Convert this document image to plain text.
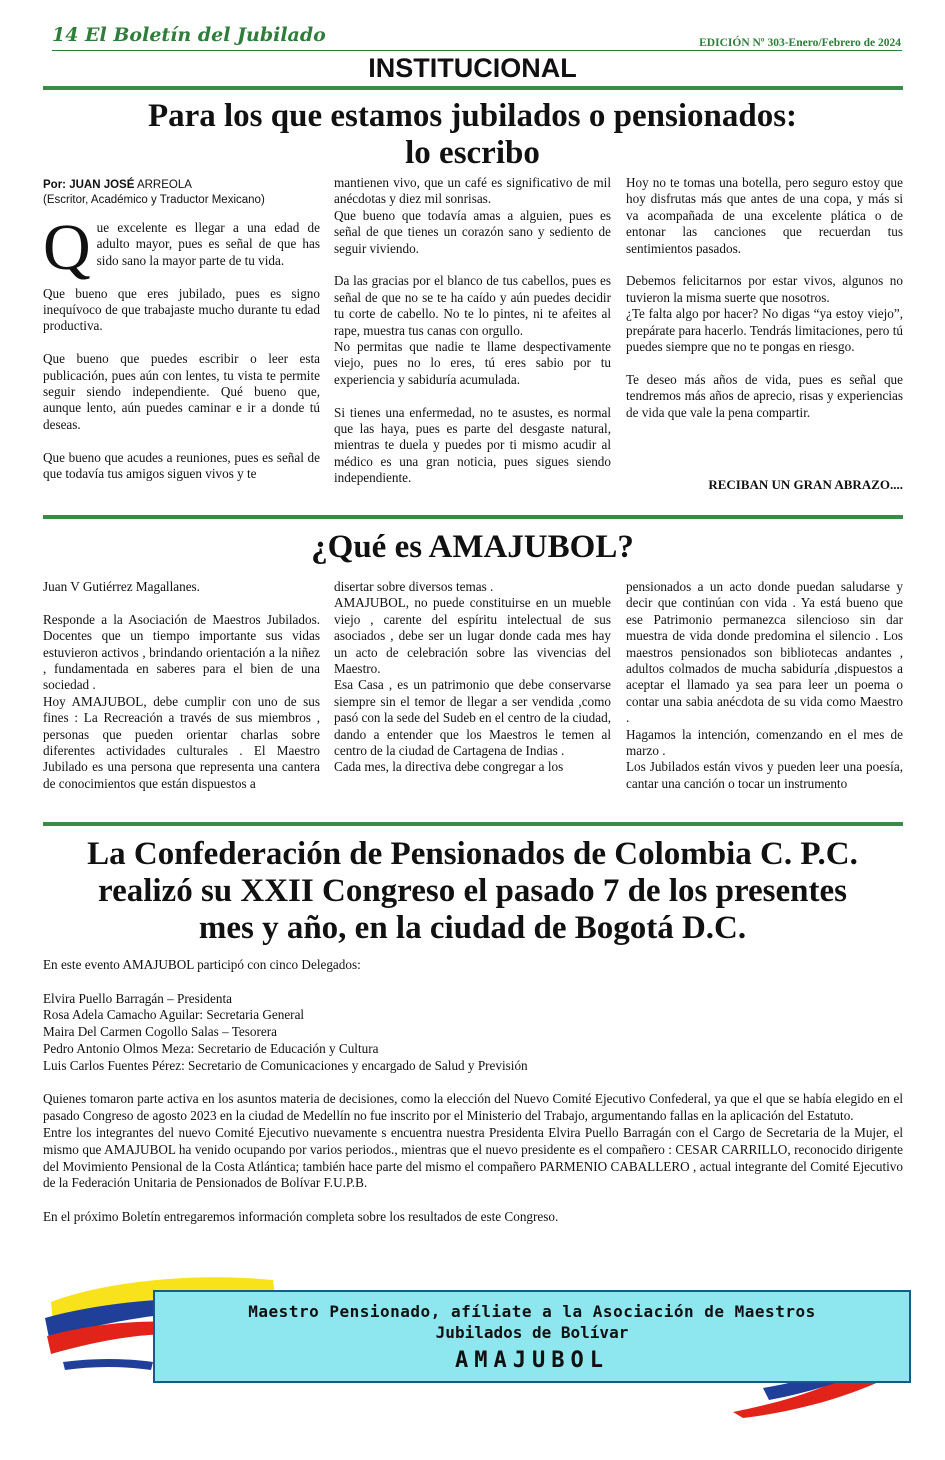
14 El Boletín del Jubilado	EDICIÓN Nº 303-Enero/Febrero de 2024
INSTITUCIONAL
Para los que estamos jubilados o pensionados:
lo escribo
Por: JUAN JOSÉ ARREOLA
(Escritor, Académico y Traductor Mexicano)

Que excelente es llegar a una edad de adulto mayor, pues es señal de que has sido sano la mayor parte de tu vida.

Que bueno que eres jubilado, pues es signo inequívoco de que trabajaste mucho durante tu edad productiva.

Que bueno que puedes escribir o leer esta publicación, pues aún con lentes, tu vista te permite seguir siendo independiente. Qué bueno que, aunque lento, aún puedes caminar e ir a donde tú deseas.

Que bueno que acudes a reuniones, pues es señal de que todavía tus amigos siguen vivos y te

mantienen vivo, que un café es significativo de mil anécdotas y diez mil sonrisas.

Que bueno que todavía amas a alguien, pues es señal de que tienes un corazón sano y sediento de seguir viviendo.

Da las gracias por el blanco de tus cabellos, pues es señal de que no se te ha caído y aún puedes decidir tu corte de cabello. No te lo pintes, ni te afeites al rape, muestra tus canas con orgullo.

No permitas que nadie te llame despectivamente viejo, pues no lo eres, tú eres sabio por tu experiencia y sabiduría acumulada.

Si tienes una enfermedad, no te asustes, es normal que las haya, pues es parte del desgaste natural, mientras te duela y puedes por ti mismo acudir al médico es una gran noticia, pues sigues siendo independiente.

Hoy no te tomas una botella, pero seguro estoy que hoy disfrutas más que antes de una copa, y más si va acompañada de una excelente plática o de entonar las canciones que recuerdan tus sentimientos pasados.

Debemos felicitarnos por estar vivos, algunos no tuvieron la misma suerte que nosotros.

¿Te falta algo por hacer? No digas “ya estoy viejo”, prepárate para hacerlo. Tendrás limitaciones, pero tú puedes siempre que no te pongas en riesgo.

Te deseo más años de vida, pues es señal que tendremos más años de aprecio, risas y experiencias de vida que vale la pena compartir.

RECIBAN UN GRAN ABRAZO....
¿Qué es AMAJUBOL?

Juan V Gutiérrez Magallanes.

Responde a la Asociación de Maestros Jubilados. Docentes que un tiempo importante sus vidas estuvieron activos , brindando orientación a la niñez , fundamentada en saberes para el bien de una sociedad .

Hoy AMAJUBOL, debe cumplir con uno de sus fines : La Recreación a través de sus miembros , personas que pueden orientar charlas sobre diferentes actividades culturales . El Maestro Jubilado es una persona que representa una cantera de conocimientos que están dispuestos a

disertar sobre diversos temas .

AMAJUBOL, no puede constituirse en un mueble viejo , carente del espíritu intelectual de sus asociados , debe ser un lugar donde cada mes hay un acto de celebración sobre las vivencias del Maestro.

Esa Casa , es un patrimonio que debe conservarse siempre sin el temor de llegar a ser vendida ,como pasó con la sede del Sudeb en el centro de la ciudad, dando a entender que los Maestros le temen al centro de la ciudad de Cartagena de Indias .

Cada mes, la directiva debe congregar a los

pensionados a un acto donde puedan saludarse y decir que continúan con vida . Ya está bueno que ese Patrimonio permanezca silencioso sin dar muestra de vida donde predomina el silencio . Los maestros pensionados son bibliotecas andantes , adultos colmados de mucha sabiduría ,dispuestos a aceptar el llamado ya sea para leer un poema o contar una sabia anécdota de su vida como Maestro .

Hagamos la intención, comenzando en el mes de marzo .

Los Jubilados están vivos y pueden leer una poesía, cantar una canción o tocar un instrumento

La Confederación de Pensionados de Colombia C. P.C.
realizó su XXII Congreso el pasado 7 de los presentes
mes y año, en la ciudad de Bogotá D.C.

En este evento AMAJUBOL participó con cinco Delegados:

Elvira Puello Barragán – Presidenta

Rosa Adela Camacho Aguilar: Secretaria General

Maira Del Carmen Cogollo Salas – Tesorera

Pedro Antonio Olmos Meza: Secretario de Educación y Cultura

Luis Carlos Fuentes Pérez: Secretario de Comunicaciones y encargado de Salud y Previsión

Quienes tomaron parte activa en los asuntos materia de decisiones, como la elección del Nuevo Comité Ejecutivo Confederal, ya que el que se había elegido en el pasado Congreso de agosto 2023 en la ciudad de Medellín no fue inscrito por el Ministerio del Trabajo, argumentando fallas en la aplicación del Estatuto.

Entre los integrantes del nuevo Comité Ejecutivo nuevamente s encuentra nuestra Presidenta Elvira Puello Barragán con el Cargo de Secretaria de la Mujer, el mismo que AMAJUBOL ha venido ocupando por varios periodos., mientras que el nuevo presidente es el compañero : CESAR CARRILLO, reconocido dirigente del Movimiento Pensional de la Costa Atlántica; también hace parte del mismo el compañero PARMENIO CABALLERO , actual integrante del Comité Ejecutivo de la Federación Unitaria de Pensionados de Bolívar F.U.P.B.

En el próximo Boletín entregaremos información completa sobre los resultados de este Congreso.

Maestro Pensionado, afíliate a la Asociación de Maestros
Jubilados de Bolívar
AMAJUBOL
